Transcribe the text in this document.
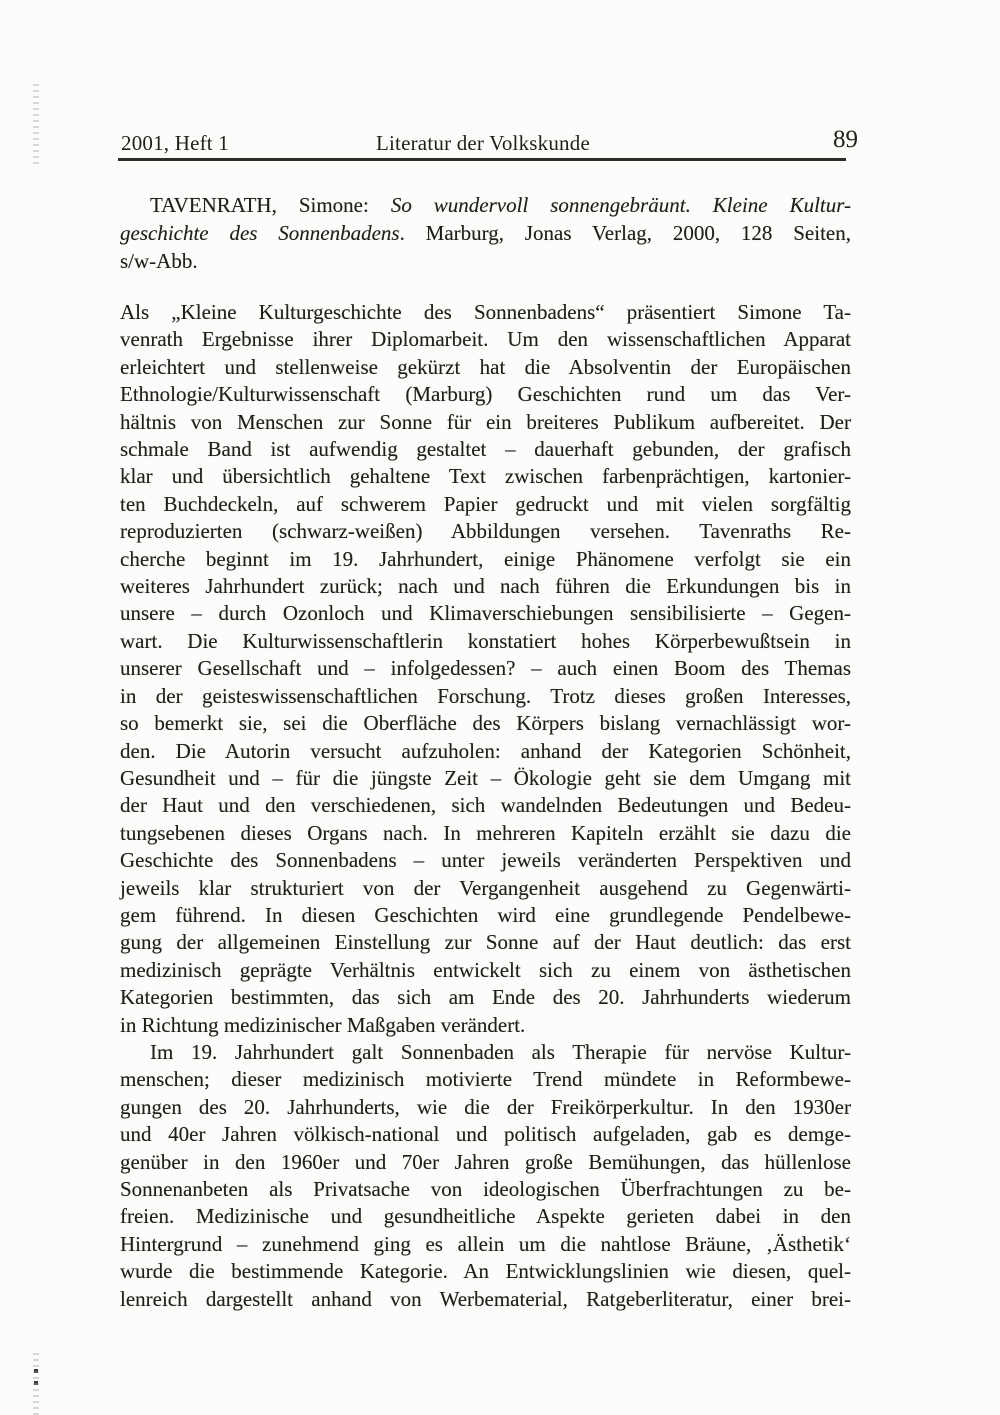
2001, Heft 1	Literatur der Volkskunde	89
TAVENRATH, Simone: So wundervoll sonnengebräunt. Kleine Kultur-
geschichte des Sonnenbadens. Marburg, Jonas Verlag, 2000, 128 Seiten,
s/w-Abb.
Als „Kleine Kulturgeschichte des Sonnenbadens“ präsentiert Simone Ta-
venrath Ergebnisse ihrer Diplomarbeit. Um den wissenschaftlichen Apparat
erleichtert und stellenweise gekürzt hat die Absolventin der Europäischen
Ethnologie/Kulturwissenschaft (Marburg) Geschichten rund um das Ver-
hältnis von Menschen zur Sonne für ein breiteres Publikum aufbereitet. Der
schmale Band ist aufwendig gestaltet – dauerhaft gebunden, der grafisch
klar und übersichtlich gehaltene Text zwischen farbenprächtigen, kartonier-
ten Buchdeckeln, auf schwerem Papier gedruckt und mit vielen sorgfältig
reproduzierten (schwarz-weißen) Abbildungen versehen. Tavenraths Re-
cherche beginnt im 19. Jahrhundert, einige Phänomene verfolgt sie ein
weiteres Jahrhundert zurück; nach und nach führen die Erkundungen bis in
unsere – durch Ozonloch und Klimaverschiebungen sensibilisierte – Gegen-
wart. Die Kulturwissenschaftlerin konstatiert hohes Körperbewußtsein in
unserer Gesellschaft und – infolgedessen? – auch einen Boom des Themas
in der geisteswissenschaftlichen Forschung. Trotz dieses großen Interesses,
so bemerkt sie, sei die Oberfläche des Körpers bislang vernachlässigt wor-
den. Die Autorin versucht aufzuholen: anhand der Kategorien Schönheit,
Gesundheit und – für die jüngste Zeit – Ökologie geht sie dem Umgang mit
der Haut und den verschiedenen, sich wandelnden Bedeutungen und Bedeu-
tungsebenen dieses Organs nach. In mehreren Kapiteln erzählt sie dazu die
Geschichte des Sonnenbadens – unter jeweils veränderten Perspektiven und
jeweils klar strukturiert von der Vergangenheit ausgehend zu Gegenwärti-
gem führend. In diesen Geschichten wird eine grundlegende Pendelbewe-
gung der allgemeinen Einstellung zur Sonne auf der Haut deutlich: das erst
medizinisch geprägte Verhältnis entwickelt sich zu einem von ästhetischen
Kategorien bestimmten, das sich am Ende des 20. Jahrhunderts wiederum
in Richtung medizinischer Maßgaben verändert.
Im 19. Jahrhundert galt Sonnenbaden als Therapie für nervöse Kultur-
menschen; dieser medizinisch motivierte Trend mündete in Reformbewe-
gungen des 20. Jahrhunderts, wie die der Freikörperkultur. In den 1930er
und 40er Jahren völkisch-national und politisch aufgeladen, gab es demge-
genüber in den 1960er und 70er Jahren große Bemühungen, das hüllenlose
Sonnenanbeten als Privatsache von ideologischen Überfrachtungen zu be-
freien. Medizinische und gesundheitliche Aspekte gerieten dabei in den
Hintergrund – zunehmend ging es allein um die nahtlose Bräune, ‚Ästhetik‘
wurde die bestimmende Kategorie. An Entwicklungslinien wie diesen, quel-
lenreich dargestellt anhand von Werbematerial, Ratgeberliteratur, einer brei-
